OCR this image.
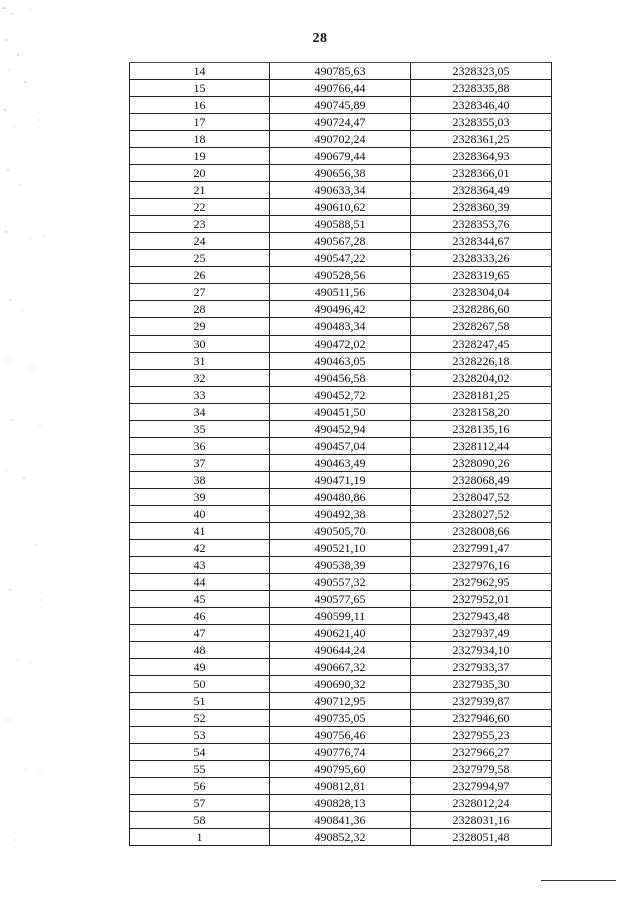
28
14	490785,63	2328323,05
15	490766,44	2328335,88
16	490745,89	2328346,40
17	490724,47	2328355,03
18	490702,24	2328361,25
19	490679,44	2328364,93
20	490656,38	2328366,01
21	490633,34	2328364,49
22	490610,62	2328360,39
23	490588,51	2328353,76
24	490567,28	2328344,67
25	490547,22	2328333,26
26	490528,56	2328319,65
27	490511,56	2328304,04
28	490496,42	2328286,60
29	490483,34	2328267,58
30	490472,02	2328247,45
31	490463,05	2328226,18
32	490456,58	2328204,02
33	490452,72	2328181,25
34	490451,50	2328158,20
35	490452,94	2328135,16
36	490457,04	2328112,44
37	490463,49	2328090,26
38	490471,19	2328068,49
39	490480,86	2328047,52
40	490492,38	2328027,52
41	490505,70	2328008,66
42	490521,10	2327991,47
43	490538,39	2327976,16
44	490557,32	2327962,95
45	490577,65	2327952,01
46	490599,11	2327943,48
47	490621,40	2327937,49
48	490644,24	2327934,10
49	490667,32	2327933,37
50	490690,32	2327935,30
51	490712,95	2327939,87
52	490735,05	2327946,60
53	490756,46	2327955,23
54	490776,74	2327966,27
55	490795,60	2327979,58
56	490812,81	2327994,97
57	490828,13	2328012,24
58	490841,36	2328031,16
1	490852,32	2328051,48
